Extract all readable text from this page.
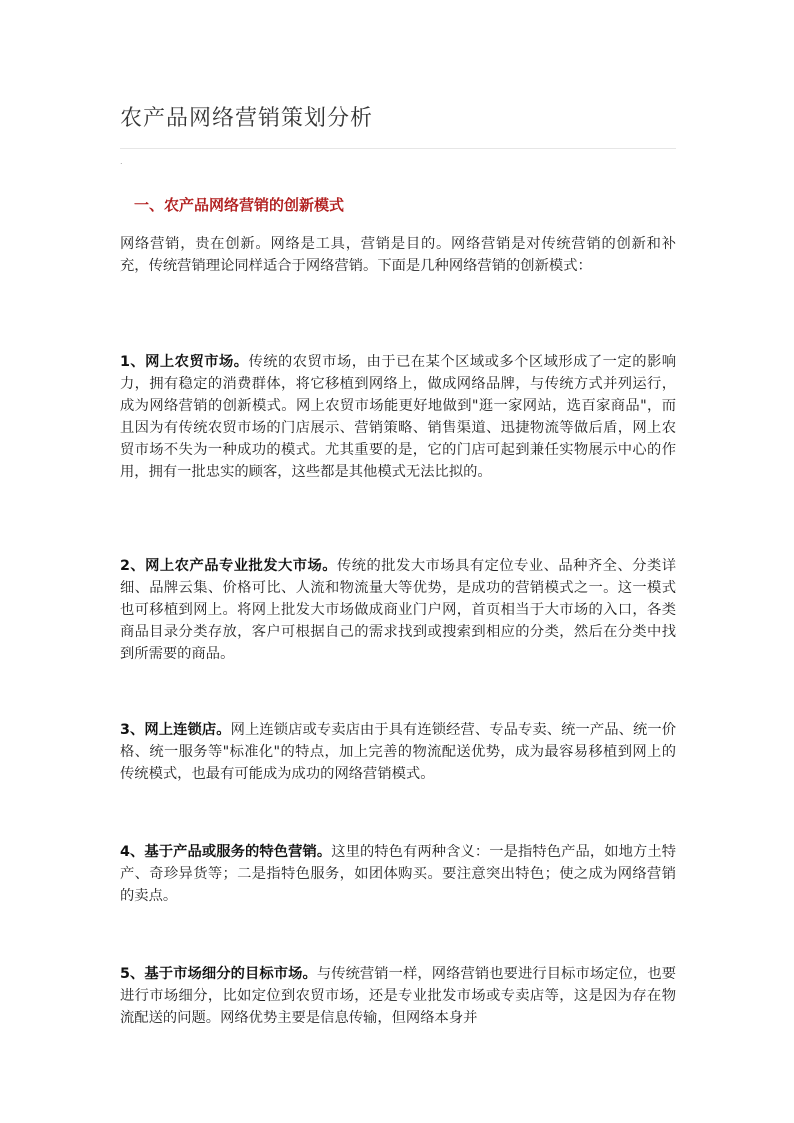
农产品网络营销策划分析
.
一、农产品网络营销的创新模式

网络营销，贵在创新。网络是工具，营销是目的。网络营销是对传统营销的创新和补充，传统营销理论同样适合于网络营销。下面是几种网络营销的创新模式：

1、网上农贸市场。传统的农贸市场，由于已在某个区域或多个区域形成了一定的影响力，拥有稳定的消费群体，将它移植到网络上，做成网络品牌，与传统方式并列运行，成为网络营销的创新模式。网上农贸市场能更好地做到"逛一家网站，选百家商品"，而且因为有传统农贸市场的门店展示、营销策略、销售渠道、迅捷物流等做后盾，网上农贸市场不失为一种成功的模式。尤其重要的是，它的门店可起到兼任实物展示中心的作用，拥有一批忠实的顾客，这些都是其他模式无法比拟的。

2、网上农产品专业批发大市场。传统的批发大市场具有定位专业、品种齐全、分类详细、品牌云集、价格可比、人流和物流量大等优势，是成功的营销模式之一。这一模式也可移植到网上。将网上批发大市场做成商业门户网，首页相当于大市场的入口，各类商品目录分类存放，客户可根据自己的需求找到或搜索到相应的分类，然后在分类中找到所需要的商品。

3、网上连锁店。网上连锁店或专卖店由于具有连锁经营、专品专卖、统一产品、统一价格、统一服务等"标准化"的特点，加上完善的物流配送优势，成为最容易移植到网上的传统模式，也最有可能成为成功的网络营销模式。

4、基于产品或服务的特色营销。这里的特色有两种含义：一是指特色产品，如地方土特产、奇珍异货等；二是指特色服务，如团体购买。要注意突出特色；使之成为网络营销的卖点。

5、基于市场细分的目标市场。与传统营销一样，网络营销也要进行目标市场定位，也要进行市场细分，比如定位到农贸市场，还是专业批发市场或专卖店等，这是因为存在物流配送的问题。网络优势主要是信息传输，但网络本身并
